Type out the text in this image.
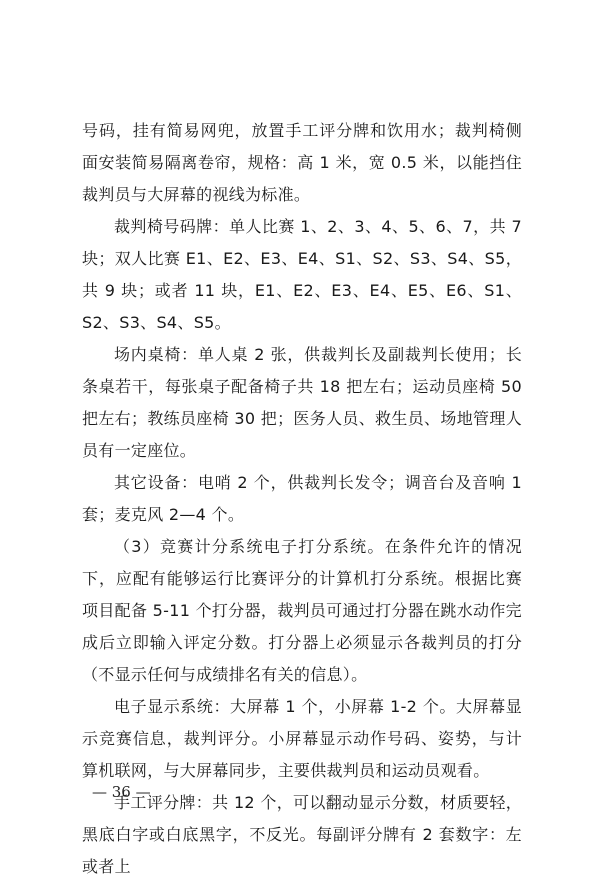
号码，挂有简易网兜，放置手工评分牌和饮用水；裁判椅侧面安装简易隔离卷帘，规格：高 1 米，宽 0.5 米，以能挡住裁判员与大屏幕的视线为标准。

裁判椅号码牌：单人比赛 1、2、3、4、5、6、7，共 7 块；双人比赛 E1、E2、E3、E4、S1、S2、S3、S4、S5，共 9 块；或者 11 块，E1、E2、E3、E4、E5、E6、S1、S2、S3、S4、S5。

场内桌椅：单人桌 2 张，供裁判长及副裁判长使用；长条桌若干，每张桌子配备椅子共 18 把左右；运动员座椅 50 把左右；教练员座椅 30 把；医务人员、救生员、场地管理人员有一定座位。

其它设备：电哨 2 个，供裁判长发令；调音台及音响 1 套；麦克风 2—4 个。

（3）竞赛计分系统电子打分系统。在条件允许的情况下，应配有能够运行比赛评分的计算机打分系统。根据比赛项目配备 5-11 个打分器，裁判员可通过打分器在跳水动作完成后立即输入评定分数。打分器上必须显示各裁判员的打分（不显示任何与成绩排名有关的信息）。

电子显示系统：大屏幕 1 个，小屏幕 1-2 个。大屏幕显示竞赛信息，裁判评分。小屏幕显示动作号码、姿势，与计算机联网，与大屏幕同步，主要供裁判员和运动员观看。

手工评分牌：共 12 个，可以翻动显示分数，材质要轻，黑底白字或白底黑字，不反光。每副评分牌有 2 套数字：左或者上

— 36 —
